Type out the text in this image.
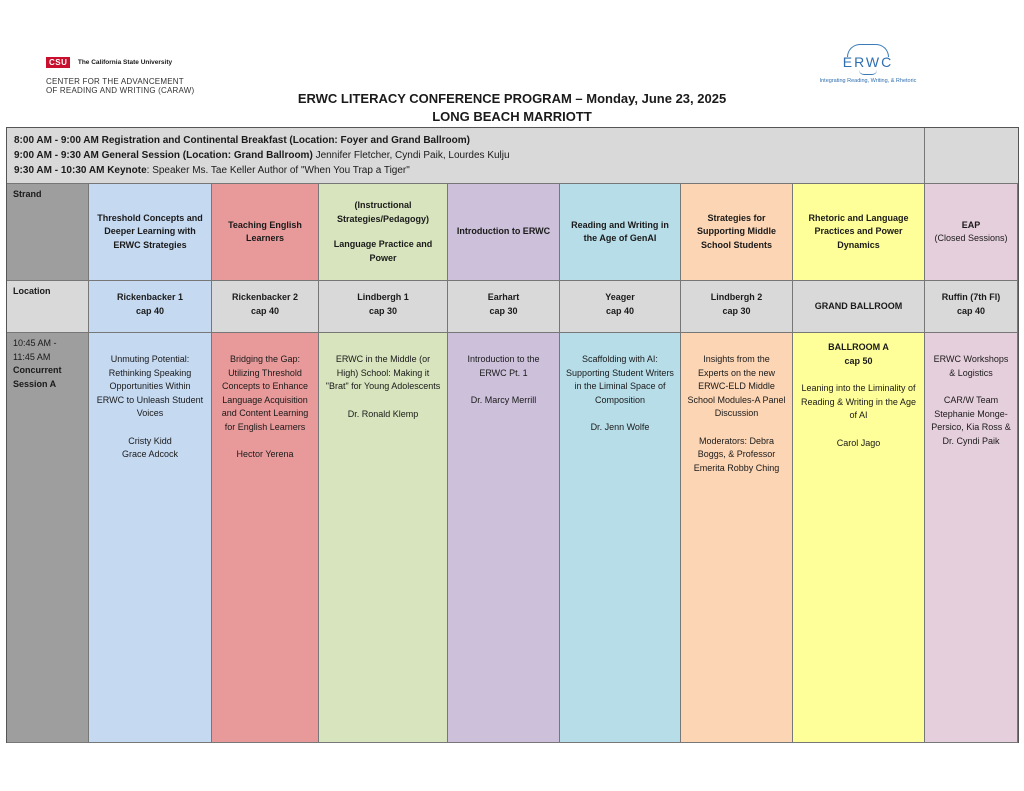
CSU The California State University
CENTER FOR THE ADVANCEMENT
OF READING AND WRITING (CARAW)
ERWC
Integrating Reading, Writing, & Rhetoric
ERWC LITERACY CONFERENCE PROGRAM – Monday, June 23, 2025
LONG BEACH MARRIOTT
8:00 AM - 9:00 AM Registration and Continental Breakfast (Location: Foyer and Grand Ballroom)
9:00 AM - 9:30 AM General Session (Location: Grand Ballroom) Jennifer Fletcher, Cyndi Paik, Lourdes Kulju
9:30 AM - 10:30 AM Keynote: Speaker Ms. Tae Keller Author of "When You Trap a Tiger"
Strand
Location
10:45 AM -
11:45 AM
Concurrent
Session A
Threshold Concepts and Deeper Learning with ERWC Strategies
Rickenbacker 1
cap 40
Unmuting Potential: Rethinking Speaking Opportunities Within ERWC to Unleash Student Voices
Cristy Kidd
Grace Adcock
Teaching English Learners
Rickenbacker 2
cap 40
Bridging the Gap: Utilizing Threshold Concepts to Enhance Language Acquisition and Content Learning for English Learners
Hector Yerena
(Instructional Strategies/Pedagogy)
Language Practice and Power
Lindbergh 1
cap 30
ERWC in the Middle (or High) School: Making it "Brat" for Young Adolescents
Dr. Ronald Klemp
Introduction to ERWC
Earhart
cap 30
Introduction to the ERWC Pt. 1
Dr. Marcy Merrill
Reading and Writing in the Age of GenAI
Yeager
cap 40
Scaffolding with AI: Supporting Student Writers in the Liminal Space of Composition
Dr. Jenn Wolfe
Strategies for Supporting Middle School Students
Lindbergh 2
cap 30
Insights from the Experts on the new ERWC-ELD Middle School Modules-A Panel Discussion
Moderators: Debra Boggs, & Professor Emerita Robby Ching
Rhetoric and Language Practices and Power Dynamics
GRAND BALLROOM
BALLROOM A
cap 50
Leaning into the Liminality of Reading & Writing in the Age of AI
Carol Jago
EAP
(Closed Sessions)
Ruffin (7th Fl)
cap 40
ERWC Workshops & Logistics
CAR/W Team Stephanie Monge-Persico, Kia Ross & Dr. Cyndi Paik
